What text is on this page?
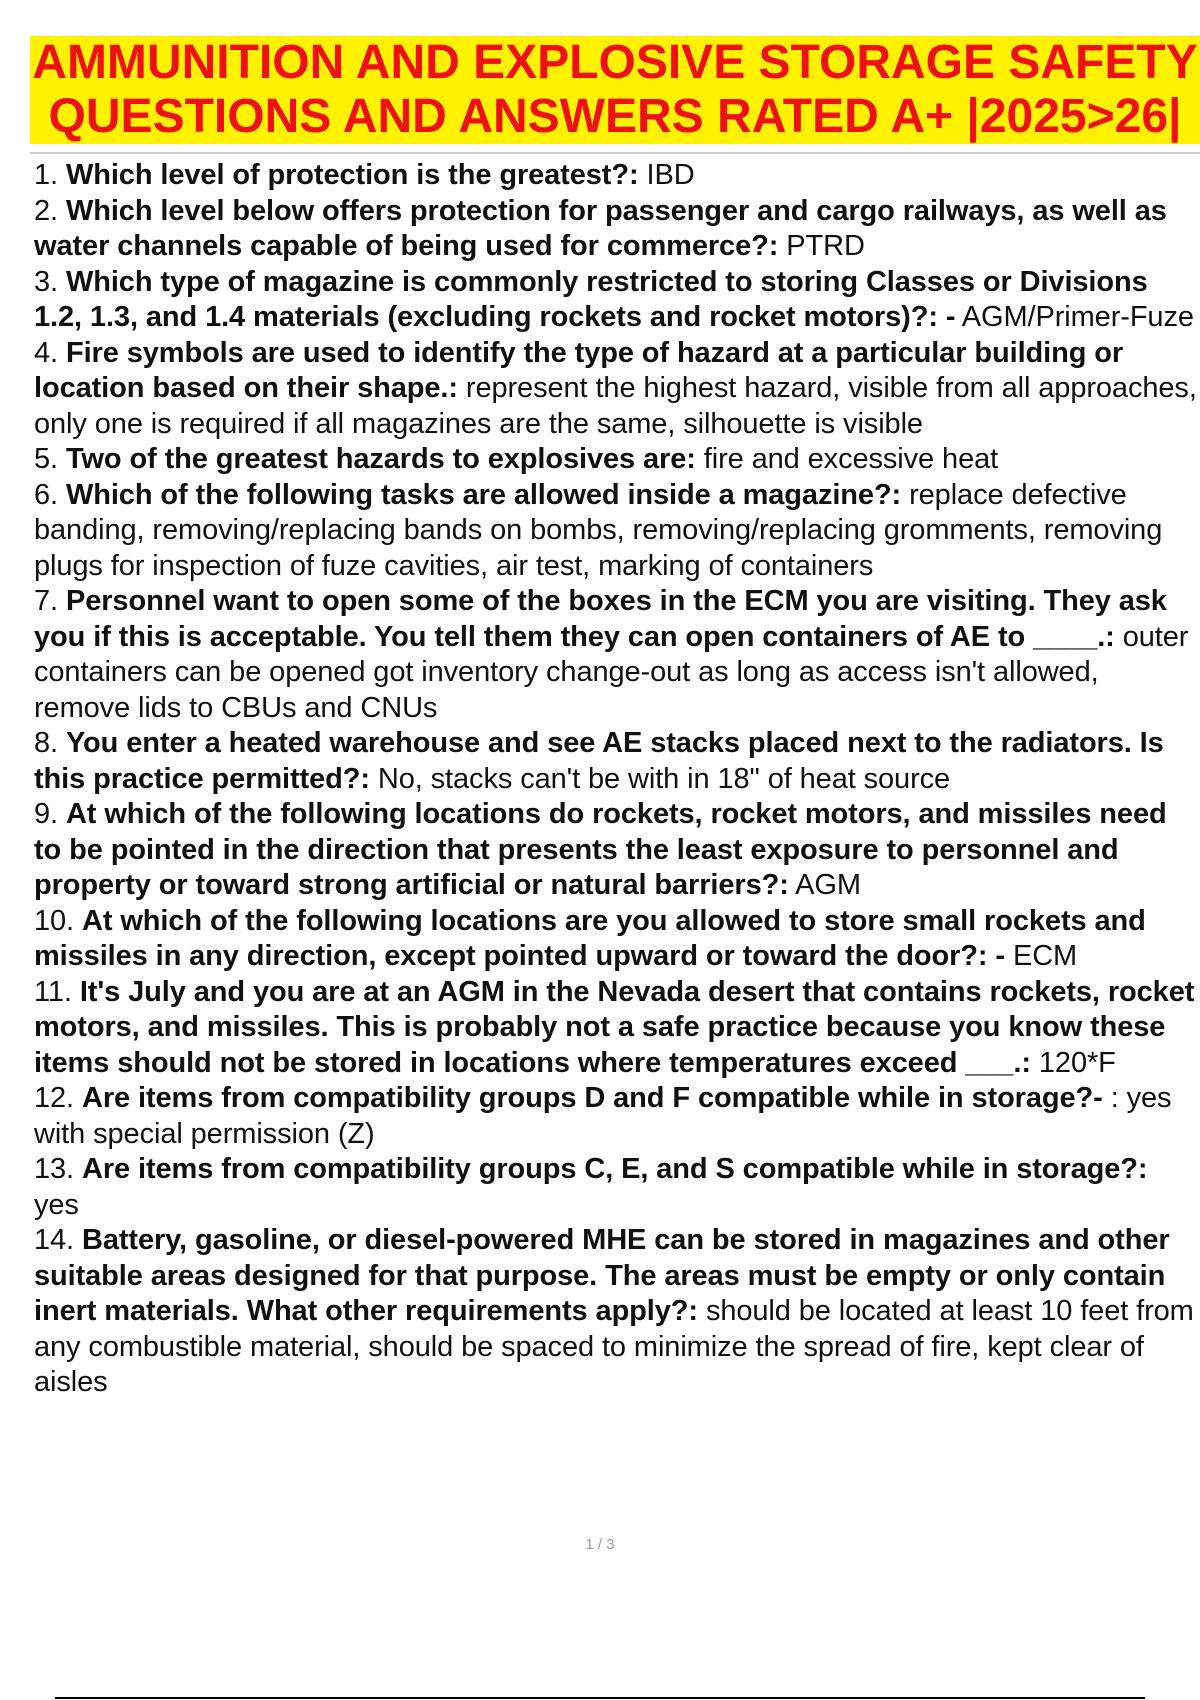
AMMUNITION AND EXPLOSIVE STORAGE SAFETY
QUESTIONS AND ANSWERS RATED A+ |2025>26|

1. Which level of protection is the greatest?: IBD

2. Which level below offers protection for passenger and cargo railways, as well as water channels capable of being used for commerce?: PTRD

3. Which type of magazine is commonly restricted to storing Classes or Divisions 1.2, 1.3, and 1.4 materials (excluding rockets and rocket motors)?: - AGM/Primer-Fuze

4. Fire symbols are used to identify the type of hazard at a particular building or location based on their shape.: represent the highest hazard, visible from all approaches, only one is required if all magazines are the same, silhouette is visible

5. Two of the greatest hazards to explosives are: fire and excessive heat

6. Which of the following tasks are allowed inside a magazine?: replace defective banding, removing/replacing bands on bombs, removing/replacing gromments, removing plugs for inspection of fuze cavities, air test, marking of containers

7. Personnel want to open some of the boxes in the ECM you are visiting. They ask you if this is acceptable. You tell them they can open containers of AE to ____.: outer containers can be opened got inventory change-out as long as access isn't allowed, remove lids to CBUs and CNUs

8. You enter a heated warehouse and see AE stacks placed next to the radiators. Is this practice permitted?: No, stacks can't be with in 18" of heat source

9. At which of the following locations do rockets, rocket motors, and missiles need to be pointed in the direction that presents the least exposure to personnel and property or toward strong artificial or natural barriers?: AGM

10. At which of the following locations are you allowed to store small rockets and missiles in any direction, except pointed upward or toward the door?: - ECM

11. It's July and you are at an AGM in the Nevada desert that contains rockets, rocket motors, and missiles. This is probably not a safe practice because you know these items should not be stored in locations where temperatures exceed ___.: 120*F

12. Are items from compatibility groups D and F compatible while in storage?- : yes with special permission (Z)

13. Are items from compatibility groups C, E, and S compatible while in storage?: yes

14. Battery, gasoline, or diesel-powered MHE can be stored in magazines and other suitable areas designed for that purpose. The areas must be empty or only contain inert materials. What other requirements apply?: should be located at least 10 feet from any combustible material, should be spaced to minimize the spread of fire, kept clear of aisles

1 / 3
